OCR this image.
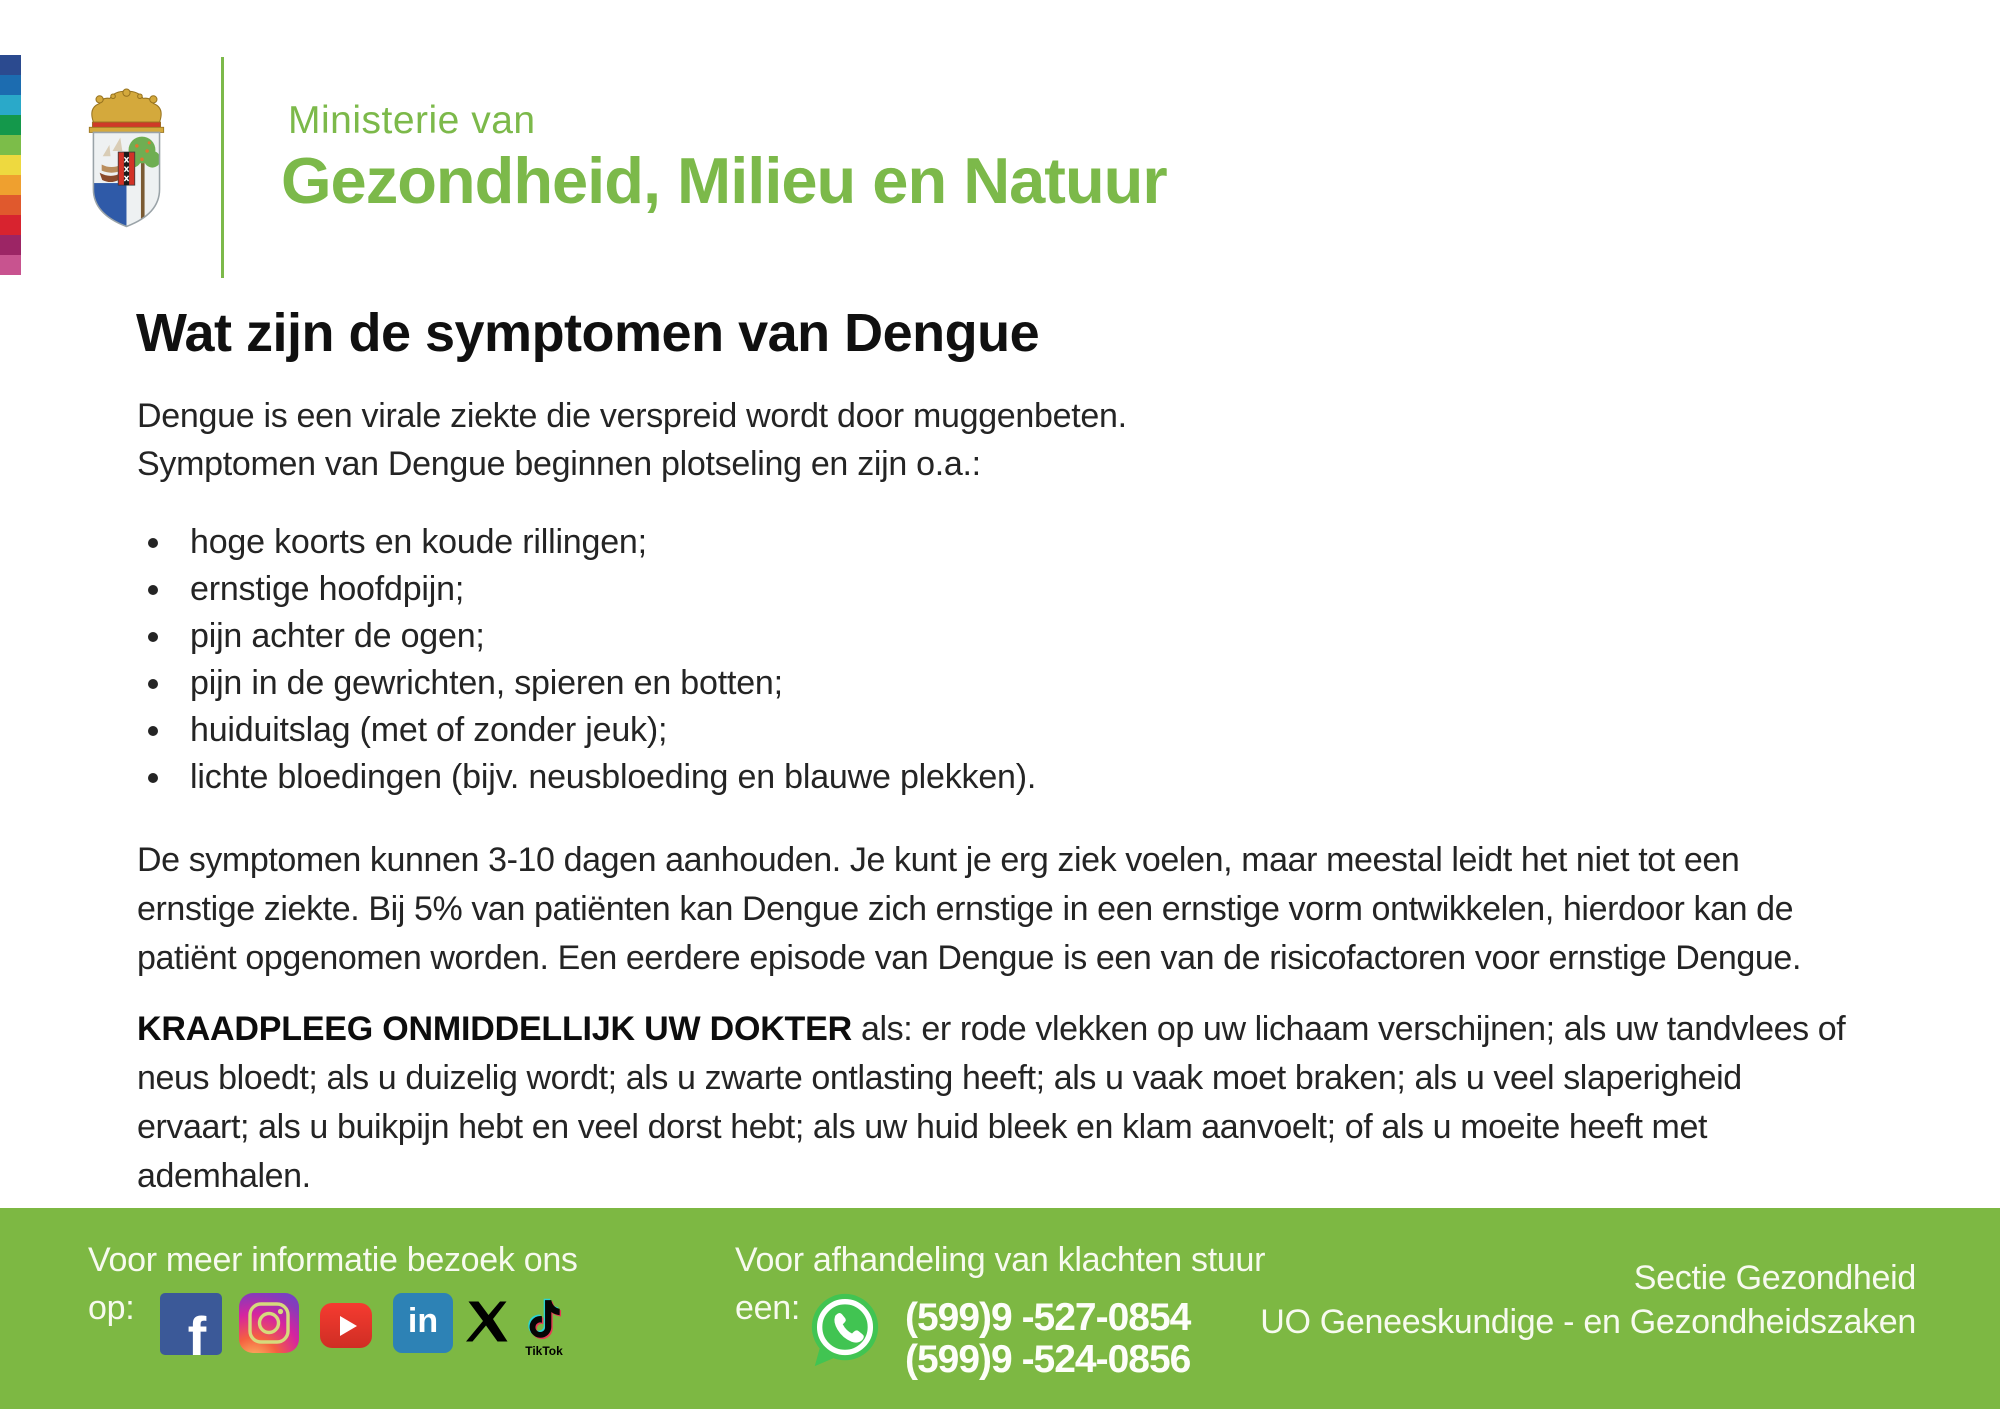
Ministerie van
Gezondheid, Milieu en Natuur
Wat zijn de symptomen van Dengue
Dengue is een virale ziekte die verspreid wordt door muggenbeten.
Symptomen van Dengue beginnen plotseling en zijn o.a.:
hoge koorts en koude rillingen;
ernstige hoofdpijn;
pijn achter de ogen;
pijn in de gewrichten, spieren en botten;
huiduitslag (met of zonder jeuk);
lichte bloedingen (bijv. neusbloeding en blauwe plekken).
De symptomen kunnen 3-10 dagen aanhouden. Je kunt je erg ziek voelen, maar meestal leidt het niet tot een
ernstige ziekte. Bij 5% van patiënten kan Dengue zich ernstige in een ernstige vorm ontwikkelen, hierdoor kan de
patiënt opgenomen worden. Een eerdere episode van Dengue is een van de risicofactoren voor ernstige Dengue.
KRAADPLEEG ONMIDDELLIJK UW DOKTER als: er rode vlekken op uw lichaam verschijnen; als uw tandvlees of
neus bloedt; als u duizelig wordt; als u zwarte ontlasting heeft; als u vaak moet braken; als u veel slaperigheid
ervaart; als u buikpijn hebt en veel dorst hebt; als uw huid bleek en klam aanvoelt; of als u moeite heeft met
ademhalen.
Voor meer informatie bezoek ons
op: f	in
TikTok
Voor afhandeling van klachten stuur
een:	(599)9 -527-0854
(599)9 -524-0856
Sectie Gezondheid
UO Geneeskundige - en Gezondheidszaken
